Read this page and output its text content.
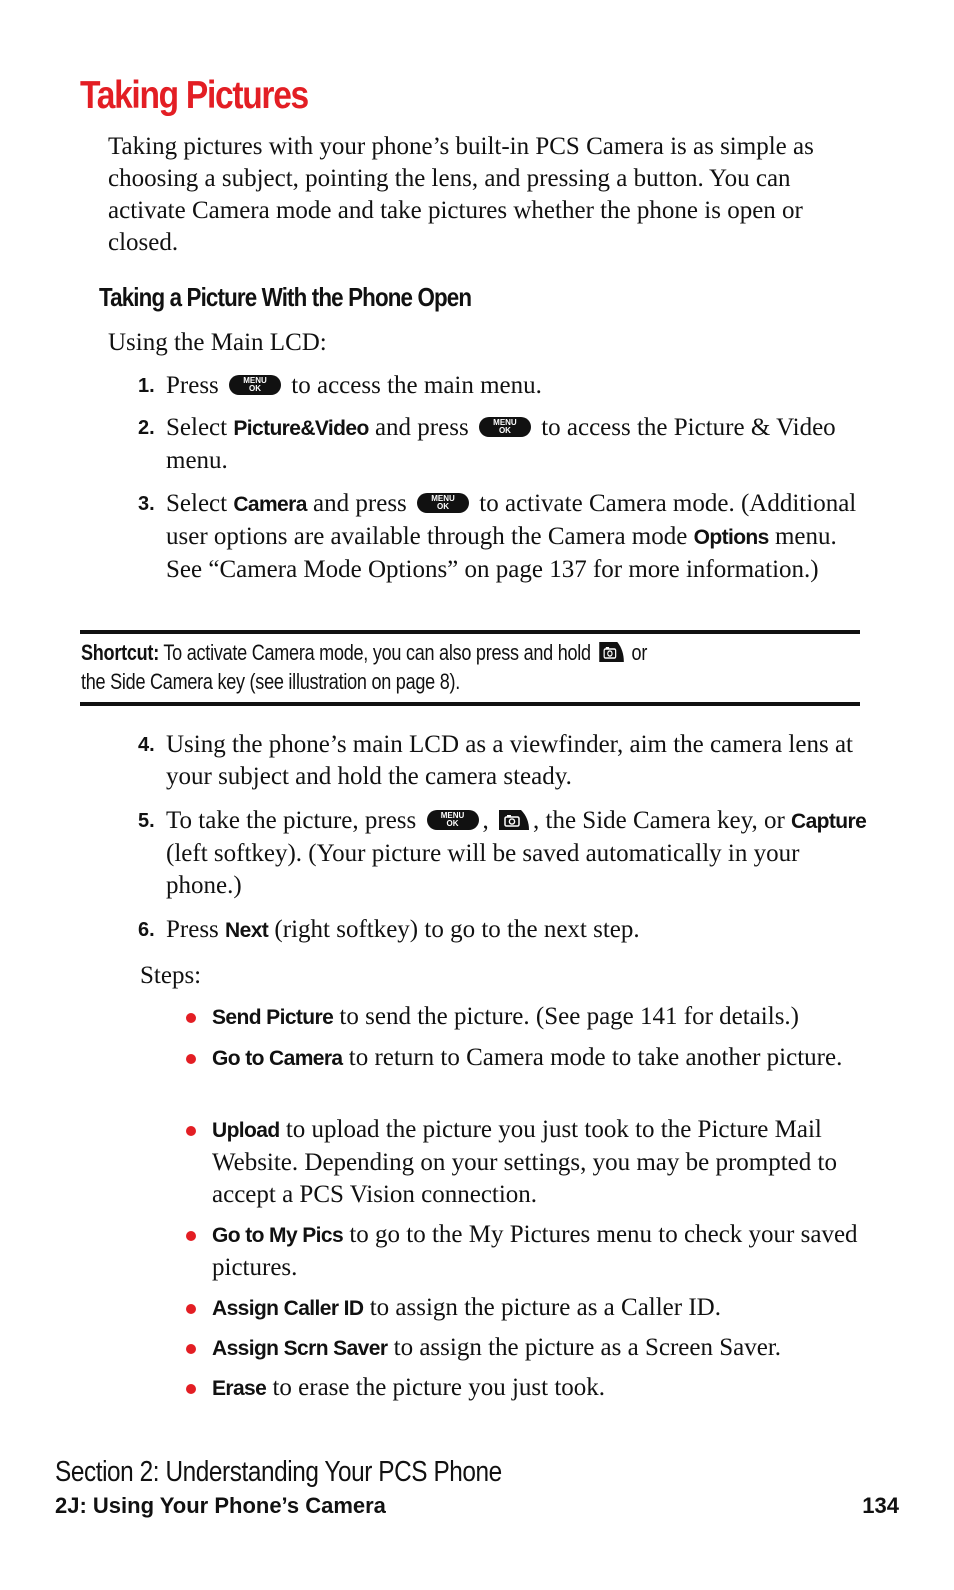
Taking Pictures
Taking pictures with your phone’s built-in PCS Camera is as simple as choosing a subject, pointing the lens, and pressing a button. You can activate Camera mode and take pictures whether the phone is open or closed.
Taking a Picture With the Phone Open
Using the Main LCD:
1. Press	MENU
OK	to access the main menu.
2. Select Picture&Video and press	MENU
OK	to access the Picture & Video menu.
3. Select Camera and press	MENU
OK	to activate Camera mode. (Additional user options are available through the Camera mode Options menu. See “Camera Mode Options” on page 137 for more information.)
Shortcut: To activate Camera mode, you can also press and hold or
the Side Camera key (see illustration on page 8).
4. Using the phone’s main LCD as a viewfinder, aim the camera lens at your subject and hold the camera steady.
5. To take the picture, press	MENU
OK , , the Side Camera key, or Capture (left softkey). (Your picture will be saved automatically in your phone.)
6. Press Next (right softkey) to go to the next step.
Steps:
Send Picture to send the picture. (See page 141 for details.)
Go to Camera to return to Camera mode to take another picture.
Upload to upload the picture you just took to the Picture Mail Website. Depending on your settings, you may be prompted to accept a PCS Vision connection.
Go to My Pics to go to the My Pictures menu to check your saved pictures.
Assign Caller ID to assign the picture as a Caller ID.
Assign Scrn Saver to assign the picture as a Screen Saver.
Erase to erase the picture you just took.
Section 2: Understanding Your PCS Phone
2J: Using Your Phone’s Camera	134
